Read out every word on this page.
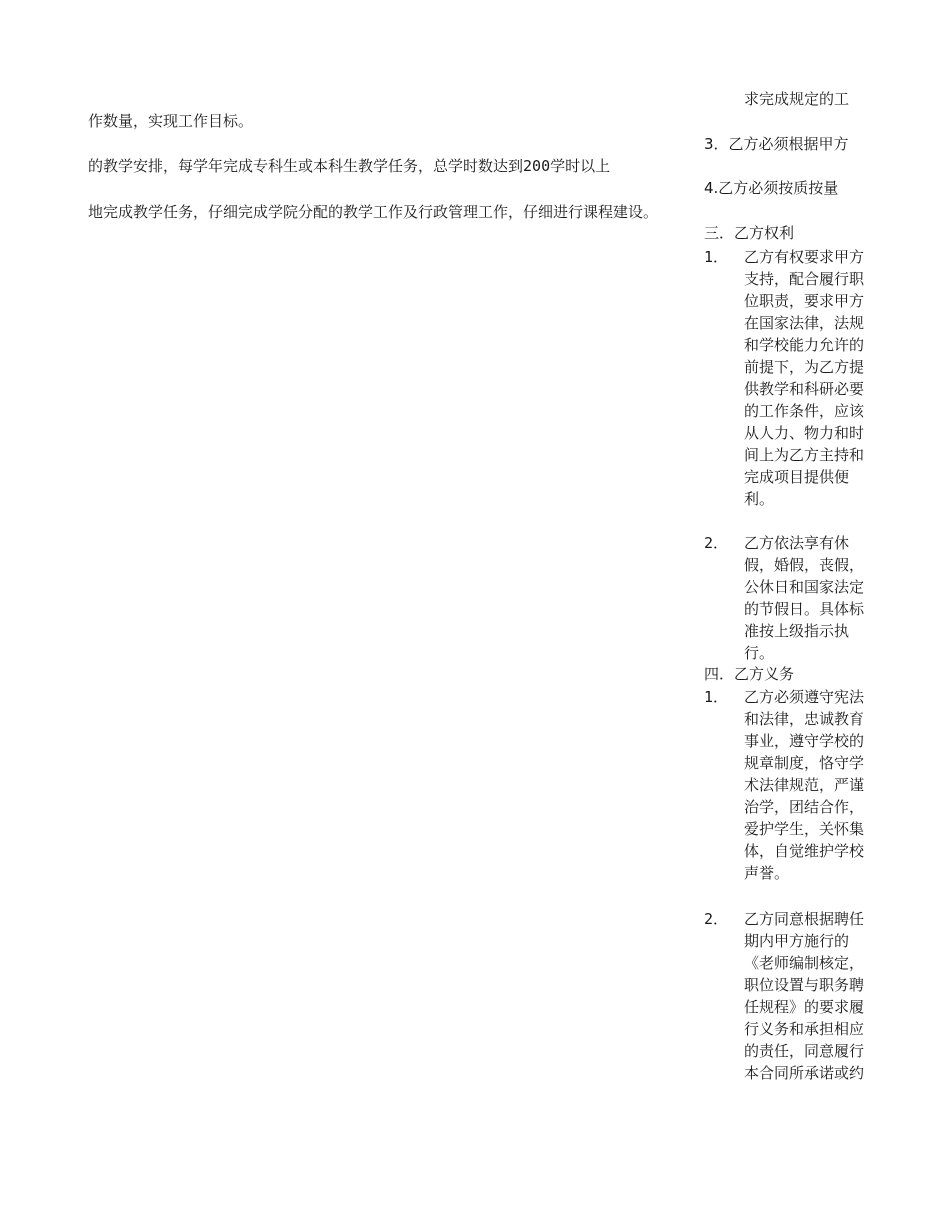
作数量，实现工作目标。
的教学安排，每学年完成专科生或本科生教学任务，总学时数达到200学时以上
地完成教学任务，仔细完成学院分配的教学工作及行政管理工作，仔细进行课程建设。
求完成规定的工
3．乙方必须根据甲方
4.乙方必须按质按量
三．乙方权利
1． 乙方有权要求甲方支持，配合履行职位职责，要求甲方在国家法律，法规和学校能力允许的前提下，为乙方提供教学和科研必要的工作条件，应该从人力、物力和时间上为乙方主持和完成项目提供便利。
2． 乙方依法享有休假，婚假，丧假，公休日和国家法定的节假日。具体标准按上级指示执行。
四．乙方义务
1． 乙方必须遵守宪法和法律，忠诚教育事业，遵守学校的规章制度，恪守学术法律规范，严谨治学，团结合作，爱护学生，关怀集体，自觉维护学校声誉。
2． 乙方同意根据聘任期内甲方施行的《老师编制核定，职位设置与职务聘任规程》的要求履行义务和承担相应的责任，同意履行本合同所承诺或约
